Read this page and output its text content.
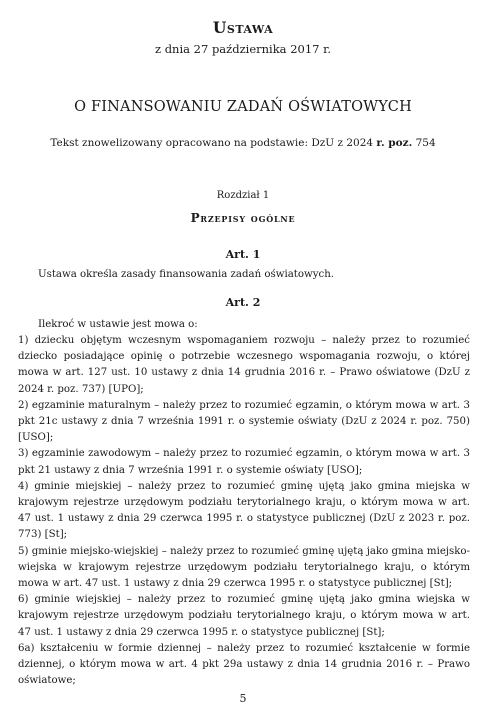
Ustawa
z dnia 27 października 2017 r.
O FINANSOWANIU ZADAŃ OŚWIATOWYCH
Tekst znowelizowany opracowano na podstawie: DzU z 2024 r. poz. 754
Rozdział 1
Przepisy ogólne
Art. 1
Ustawa określa zasady finansowania zadań oświatowych.
Art. 2
Ilekroć w ustawie jest mowa o:

1) dziecku objętym wczesnym wspomaganiem rozwoju – należy przez to rozumieć dziecko posiadające opinię o potrzebie wczesnego wspomagania rozwoju, o której mowa w art. 127 ust. 10 ustawy z dnia 14 grudnia 2016 r. – Prawo oświatowe (DzU z 2024 r. poz. 737) [UPO];

2) egzaminie maturalnym – należy przez to rozumieć egzamin, o którym mowa w art. 3 pkt 21c ustawy z dnia 7 września 1991 r. o systemie oświaty (DzU z 2024 r. poz. 750) [USO];

3) egzaminie zawodowym – należy przez to rozumieć egzamin, o którym mowa w art. 3 pkt 21 ustawy z dnia 7 września 1991 r. o systemie oświaty [USO];

4) gminie miejskiej – należy przez to rozumieć gminę ujętą jako gmina miejska w krajowym rejestrze urzędowym podziału terytorialnego kraju, o którym mowa w art. 47 ust. 1 ustawy z dnia 29 czerwca 1995 r. o statystyce publicznej (DzU z 2023 r. poz. 773) [St];

5) gminie miejsko-wiejskiej – należy przez to rozumieć gminę ujętą jako gmina miejsko-wiejska w krajowym rejestrze urzędowym podziału terytorialnego kraju, o którym mowa w art. 47 ust. 1 ustawy z dnia 29 czerwca 1995 r. o statystyce publicznej [St];

6) gminie wiejskiej – należy przez to rozumieć gminę ujętą jako gmina wiejska w krajowym rejestrze urzędowym podziału terytorialnego kraju, o którym mowa w art. 47 ust. 1 ustawy z dnia 29 czerwca 1995 r. o statystyce publicznej [St];

6a) kształceniu w formie dziennej – należy przez to rozumieć kształcenie w formie dziennej, o którym mowa w art. 4 pkt 29a ustawy z dnia 14 grudnia 2016 r. – Prawo oświatowe;

5
